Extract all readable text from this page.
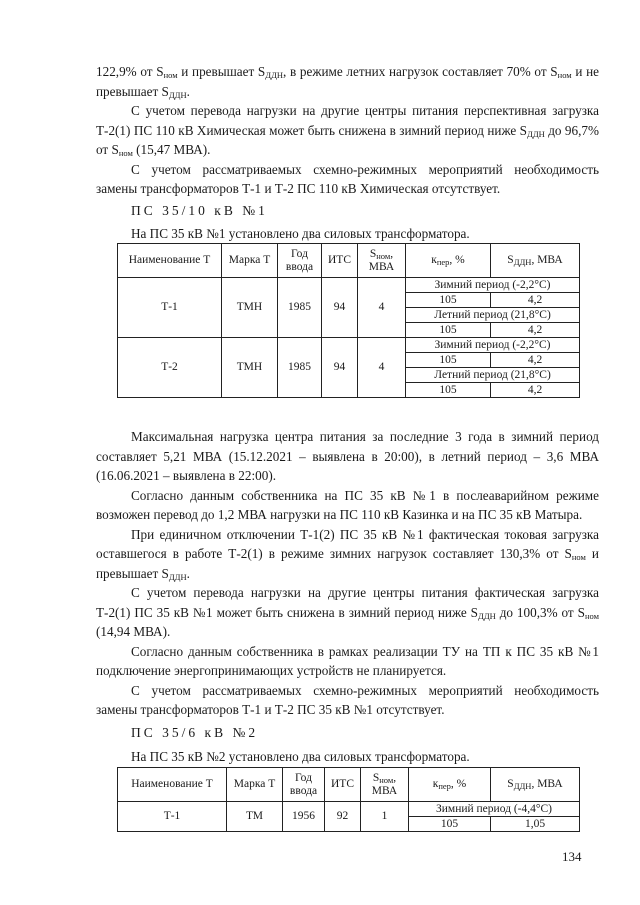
122,9% от $S_{ном}$ и превышает $S_{ДДН}$, в режиме летних нагрузок составляет 70% от $S_{ном}$ и не превышает $S_{ДДН}$.

С учетом перевода нагрузки на другие центры питания перспективная загрузка Т-2(1) ПС 110 кВ Химическая может быть снижена в зимний период ниже $S_{ДДН}$ до 96,7% от $S_{ном}$ (15,47 МВА).

С учетом рассматриваемых схемно-режимных мероприятий необходимость замены трансформаторов Т-1 и Т-2 ПС 110 кВ Химическая отсутствует.

ПС 35/10 кВ №1

На ПС 35 кВ №1 установлено два силовых трансформатора.

Наименование Т	Марка Т	Год ввода	ИТС	$S_{ном}$, МВА	$к_{пер}$, %	$S_{ДДН}$, МВА
Т-1	ТМН	1985	94	4	Зимний период (-2,2°С)	
					105	4,2
					Летний период (21,8°С)	
					105	4,2
Т-2	ТМН	1985	94	4	Зимний период (-2,2°С)	
					105	4,2
					Летний период (21,8°С)	
					105	4,2

Максимальная нагрузка центра питания за последние 3 года в зимний период составляет 5,21 МВА (15.12.2021 – выявлена в 20:00), в летний период – 3,6 МВА (16.06.2021 – выявлена в 22:00).

Согласно данным собственника на ПС 35 кВ №1 в послеаварийном режиме возможен перевод до 1,2 МВА нагрузки на ПС 110 кВ Казинка и на ПС 35 кВ Матыра.

При единичном отключении Т-1(2) ПС 35 кВ №1 фактическая токовая загрузка оставшегося в работе Т-2(1) в режиме зимних нагрузок составляет 130,3% от $S_{ном}$ и превышает $S_{ДДН}$.

С учетом перевода нагрузки на другие центры питания фактическая загрузка Т-2(1) ПС 35 кВ №1 может быть снижена в зимний период ниже $S_{ДДН}$ до 100,3% от $S_{ном}$ (14,94 МВА).

Согласно данным собственника в рамках реализации ТУ на ТП к ПС 35 кВ №1 подключение энергопринимающих устройств не планируется.

С учетом рассматриваемых схемно-режимных мероприятий необходимость замены трансформаторов Т-1 и Т-2 ПС 35 кВ №1 отсутствует.

ПС 35/6 кВ №2

На ПС 35 кВ №2 установлено два силовых трансформатора.

Наименование Т	Марка Т	Год ввода	ИТС	$S_{ном}$, МВА	$к_{пер}$, %	$S_{ДДН}$, МВА
Т-1	ТМ	1956	92	1	Зимний период (-4,4°С)	
					105	1,05
134
